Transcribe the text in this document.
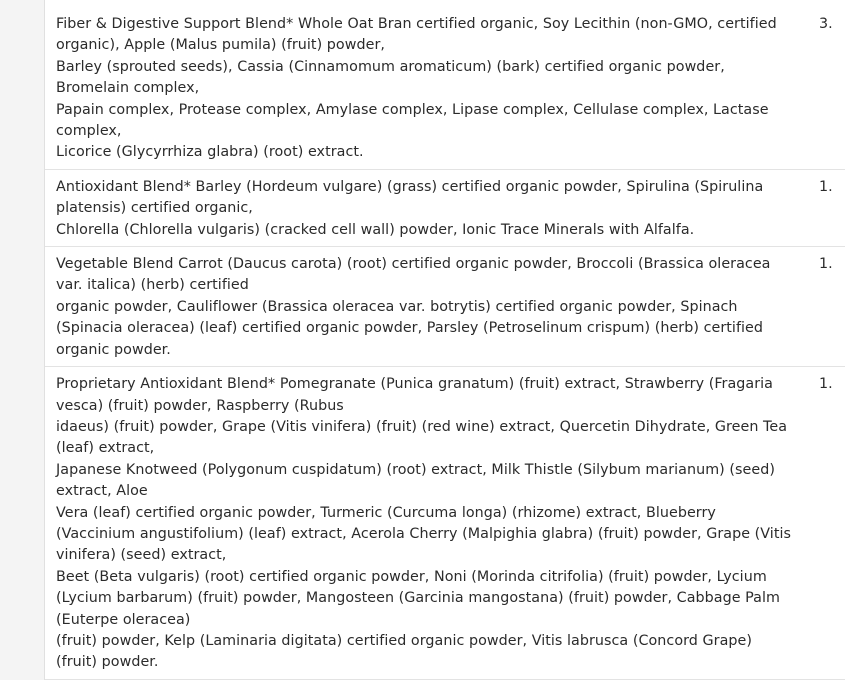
Fiber & Digestive Support Blend* Whole Oat Bran certified organic, Soy Lecithin (non-GMO, certified organic), Apple (Malus pumila) (fruit) powder,
Barley (sprouted seeds), Cassia (Cinnamomum aromaticum) (bark) certified organic powder, Bromelain complex,
Papain complex, Protease complex, Amylase complex, Lipase complex, Cellulase complex, Lactase complex,
Licorice (Glycyrrhiza glabra) (root) extract.
3.
Antioxidant Blend* Barley (Hordeum vulgare) (grass) certified organic powder, Spirulina (Spirulina platensis) certified organic,
Chlorella (Chlorella vulgaris) (cracked cell wall) powder, Ionic Trace Minerals with Alfalfa.
1.
Vegetable Blend Carrot (Daucus carota) (root) certified organic powder, Broccoli (Brassica oleracea var. italica) (herb) certified
organic powder, Cauliflower (Brassica oleracea var. botrytis) certified organic powder, Spinach (Spinacia oleracea) (leaf) certified organic powder, Parsley (Petroselinum crispum) (herb) certified organic powder.
1.
Proprietary Antioxidant Blend* Pomegranate (Punica granatum) (fruit) extract, Strawberry (Fragaria vesca) (fruit) powder, Raspberry (Rubus
idaeus) (fruit) powder, Grape (Vitis vinifera) (fruit) (red wine) extract, Quercetin Dihydrate, Green Tea (leaf) extract,
Japanese Knotweed (Polygonum cuspidatum) (root) extract, Milk Thistle (Silybum marianum) (seed) extract, Aloe
Vera (leaf) certified organic powder, Turmeric (Curcuma longa) (rhizome) extract, Blueberry (Vaccinium angustifolium) (leaf) extract, Acerola Cherry (Malpighia glabra) (fruit) powder, Grape (Vitis vinifera) (seed) extract,
Beet (Beta vulgaris) (root) certified organic powder, Noni (Morinda citrifolia) (fruit) powder, Lycium (Lycium barbarum) (fruit) powder, Mangosteen (Garcinia mangostana) (fruit) powder, Cabbage Palm (Euterpe oleracea)
(fruit) powder, Kelp (Laminaria digitata) certified organic powder, Vitis labrusca (Concord Grape) (fruit) powder.
1.
